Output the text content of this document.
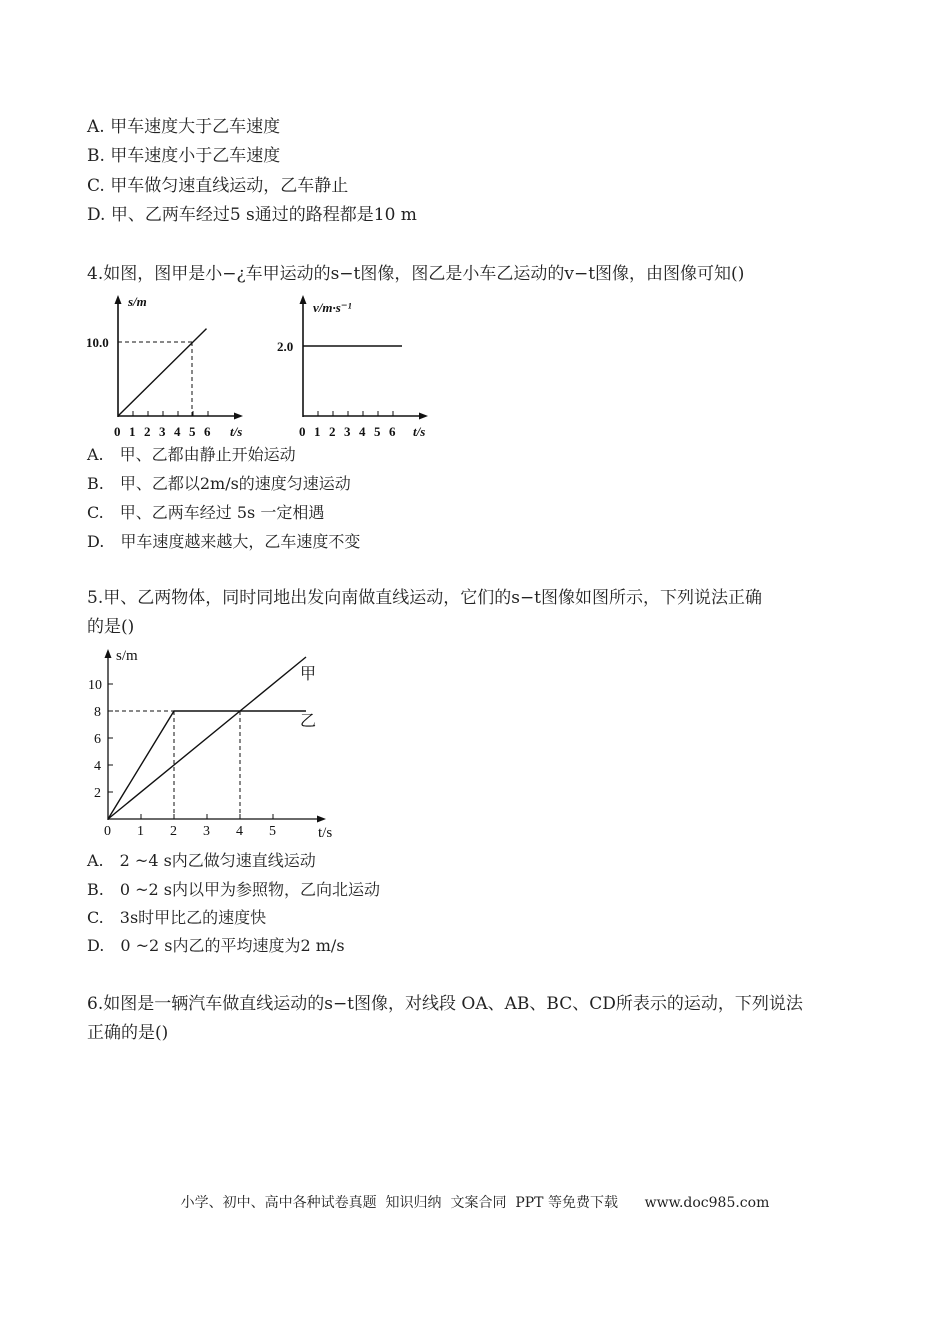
A. 甲车速度大于乙车速度
B. 甲车速度小于乙车速度
C. 甲车做匀速直线运动，乙车静止
D. 甲、乙两车经过5 s通过的路程都是10 m
4.如图，图甲是小−¿车甲运动的s−t图像，图乙是小车乙运动的v−t图像，由图像可知()
s/m
t/s
10.0
0 1 2 3 4 5 6
v/m·s⁻¹
t/s
2.0
0 1 2 3 4 5 6
A.　甲、乙都由静止开始运动
B.　甲、乙都以2m/s的速度匀速运动
C.　甲、乙两车经过 5s 一定相遇
D.　甲车速度越来越大，乙车速度不变
5.甲、乙两物体，同时同地出发向南做直线运动，它们的s−t图像如图所示，下列说法正确
的是()
s/m
t/s
甲
乙
0 1 2 3 4 5
10
8
6
4
2
A.　2 ~4 s内乙做匀速直线运动
B.　0 ~2 s内以甲为参照物，乙向北运动
C.　3s时甲比乙的速度快
D.　0 ~2 s内乙的平均速度为2 m/s
6.如图是一辆汽车做直线运动的s−t图像，对线段 OA、AB、BC、CD所表示的运动，下列说法
正确的是()
小学、初中、高中各种试卷真题  知识归纳  文案合同  PPT 等免费下载      www.doc985.com
